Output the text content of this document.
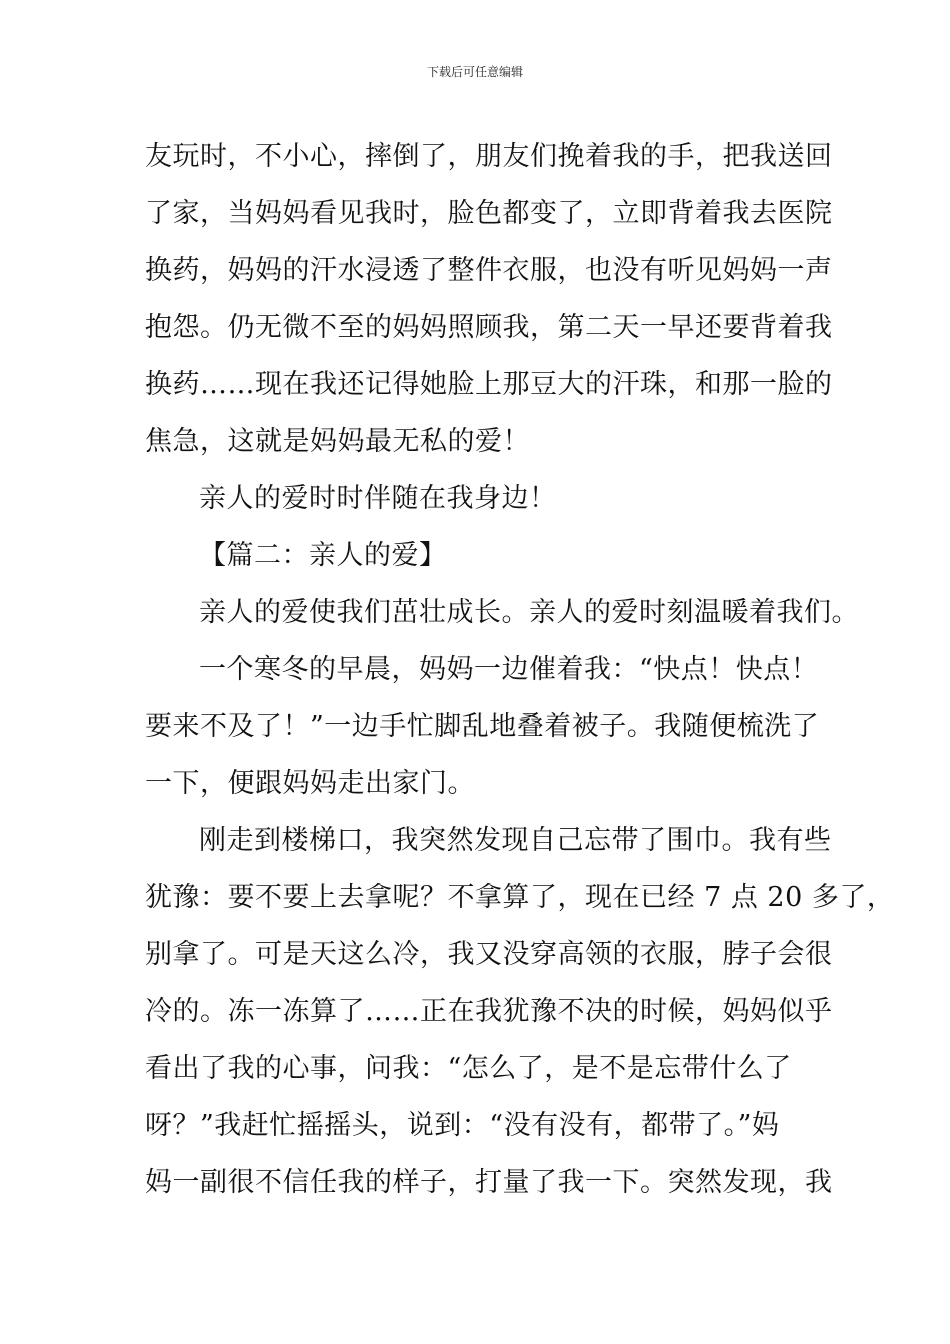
下载后可任意编辑
友玩时，不小心，摔倒了，朋友们挽着我的手，把我送回
了家，当妈妈看见我时，脸色都变了，立即背着我去医院
换药，妈妈的汗水浸透了整件衣服，也没有听见妈妈一声
抱怨。仍无微不至的妈妈照顾我，第二天一早还要背着我
换药……现在我还记得她脸上那豆大的汗珠，和那一脸的
焦急，这就是妈妈最无私的爱！
亲人的爱时时伴随在我身边！
【篇二：亲人的爱】
亲人的爱使我们茁壮成长。亲人的爱时刻温暖着我们。
一个寒冬的早晨，妈妈一边催着我：“快点！快点！
要来不及了！”一边手忙脚乱地叠着被子。我随便梳洗了
一下，便跟妈妈走出家门。
刚走到楼梯口，我突然发现自己忘带了围巾。我有些
犹豫：要不要上去拿呢？不拿算了，现在已经 7 点 20 多了，
别拿了。可是天这么冷，我又没穿高领的衣服，脖子会很
冷的。冻一冻算了……正在我犹豫不决的时候，妈妈似乎
看出了我的心事，问我：“怎么了，是不是忘带什么了
呀？”我赶忙摇摇头，说到：“没有没有，都带了。”妈
妈一副很不信任我的样子，打量了我一下。突然发现，我
